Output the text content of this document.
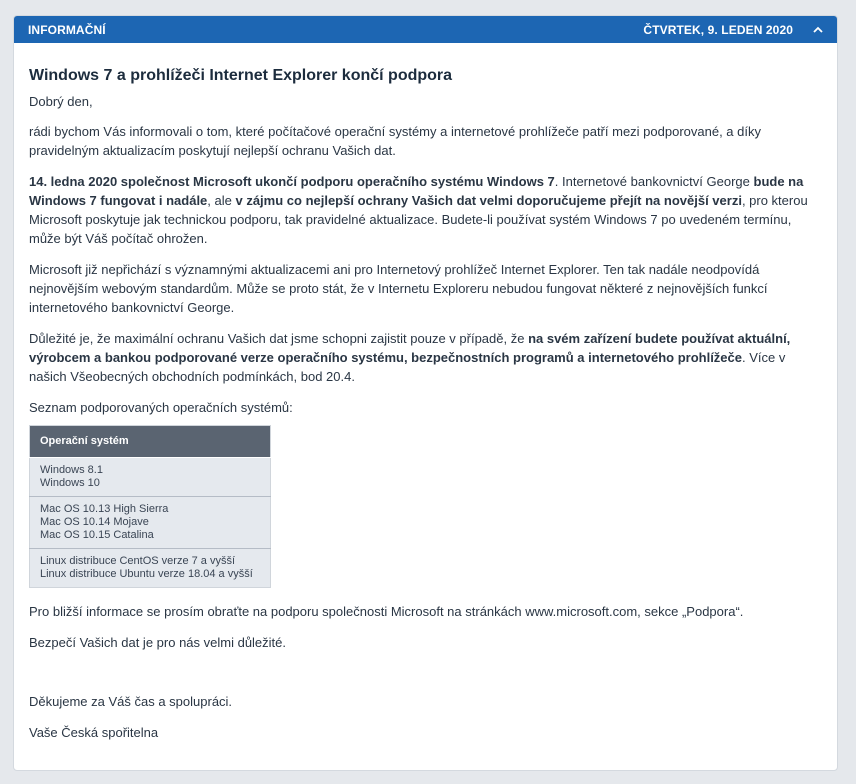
INFORMAČNÍ	ČTVRTEK, 9. LEDEN 2020
Windows 7 a prohlížeči Internet Explorer končí podpora

Dobrý den,

rádi bychom Vás informovali o tom, které počítačové operační systémy a internetové prohlížeče patří mezi podporované, a díky pravidelným aktualizacím poskytují nejlepší ochranu Vašich dat.

14. ledna 2020 společnost Microsoft ukončí podporu operačního systému Windows 7. Internetové bankovnictví George bude na Windows 7 fungovat i nadále, ale v zájmu co nejlepší ochrany Vašich dat velmi doporučujeme přejít na novější verzi, pro kterou Microsoft poskytuje jak technickou podporu, tak pravidelné aktualizace. Budete-li používat systém Windows 7 po uvedeném termínu, může být Váš počítač ohrožen.

Microsoft již nepřichází s významnými aktualizacemi ani pro Internetový prohlížeč Internet Explorer. Ten tak nadále neodpovídá nejnovějším webovým standardům. Může se proto stát, že v Internetu Exploreru nebudou fungovat některé z nejnovějších funkcí internetového bankovnictví George.

Důležité je, že maximální ochranu Vašich dat jsme schopni zajistit pouze v případě, že na svém zařízení budete používat aktuální, výrobcem a bankou podporované verze operačního systému, bezpečnostních programů a internetového prohlížeče. Více v našich Všeobecných obchodních podmínkách, bod 20.4.

Seznam podporovaných operačních systémů:

Operační systém

Windows 8.1
Windows 10

Mac OS 10.13 High Sierra
Mac OS 10.14 Mojave
Mac OS 10.15 Catalina

Linux distribuce CentOS verze 7 a vyšší
Linux distribuce Ubuntu verze 18.04 a vyšší

Pro bližší informace se prosím obraťte na podporu společnosti Microsoft na stránkách www.microsoft.com, sekce „Podpora“.

Bezpečí Vašich dat je pro nás velmi důležité.

Děkujeme za Váš čas a spolupráci.

Vaše Česká spořitelna
